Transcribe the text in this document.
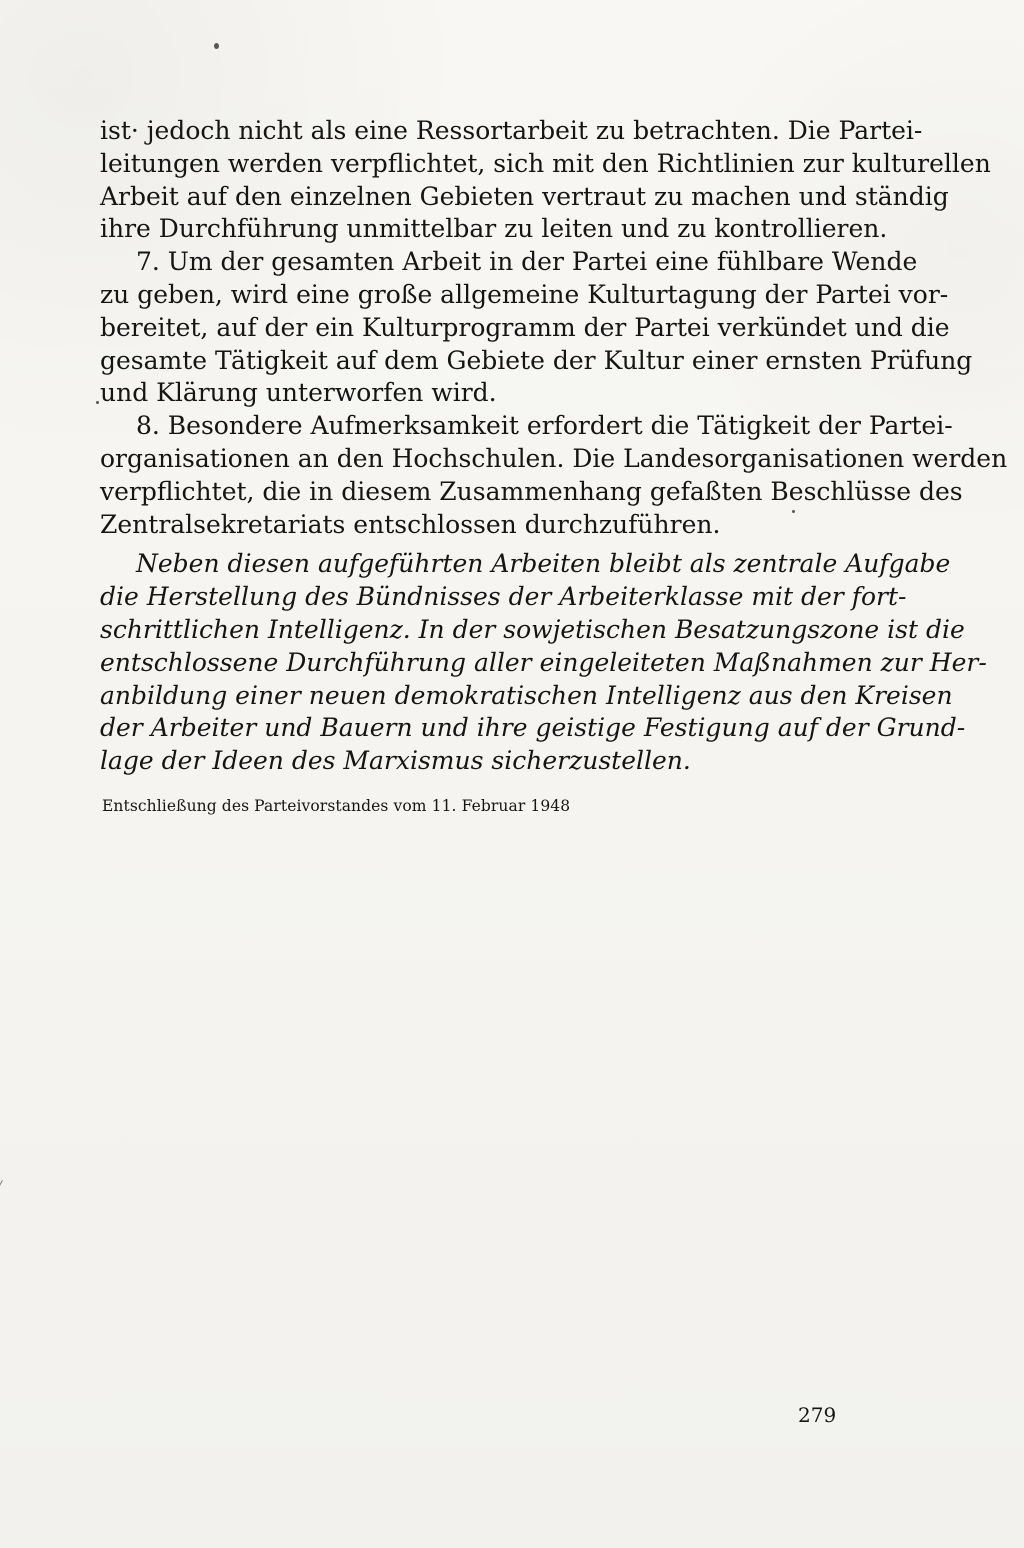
ist· jedoch nicht als eine Ressortarbeit zu betrachten. Die Partei-

leitungen werden verpflichtet, sich mit den Richtlinien zur kulturellen

Arbeit auf den einzelnen Gebieten vertraut zu machen und ständig

ihre Durchführung unmittelbar zu leiten und zu kontrollieren.

7. Um der gesamten Arbeit in der Partei eine fühlbare Wende

zu geben, wird eine große allgemeine Kulturtagung der Partei vor-

bereitet, auf der ein Kulturprogramm der Partei verkündet und die

gesamte Tätigkeit auf dem Gebiete der Kultur einer ernsten Prüfung

und Klärung unterworfen wird.

8. Besondere Aufmerksamkeit erfordert die Tätigkeit der Partei-

organisationen an den Hochschulen. Die Landesorganisationen werden

verpflichtet, die in diesem Zusammenhang gefaßten Beschlüsse des

Zentralsekretariats entschlossen durchzuführen.

Neben diesen aufgeführten Arbeiten bleibt als zentrale Aufgabe

die Herstellung des Bündnisses der Arbeiterklasse mit der fort-

schrittlichen Intelligenz. In der sowjetischen Besatzungszone ist die

entschlossene Durchführung aller eingeleiteten Maßnahmen zur Her-

anbildung einer neuen demokratischen Intelligenz aus den Kreisen

der Arbeiter und Bauern und ihre geistige Festigung auf der Grund-

lage der Ideen des Marxismus sicherzustellen.

Entschließung des Parteivorstandes vom 11. Februar 1948
279
